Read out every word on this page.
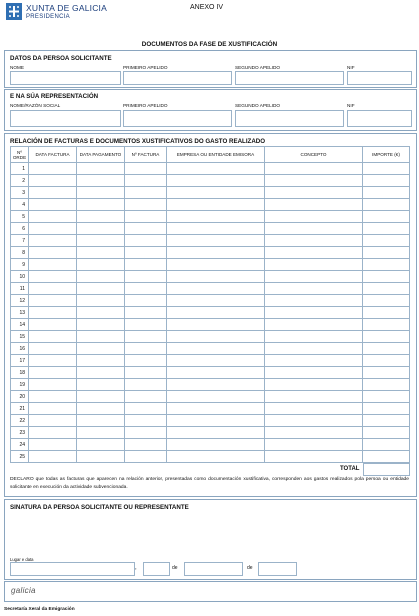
XUNTA DE GALICIA
PRESIDENCIA
ANEXO IV
DOCUMENTOS DA FASE DE XUSTIFICACIÓN
DATOS DA PERSOA SOLICITANTE
NOME	PRIMEIRO APELIDO	SEGUNDO APELIDO	NIF
E NA SÚA REPRESENTACIÓN
NOME/RAZÓN SOCIAL	PRIMEIRO APELIDO	SEGUNDO APELIDO	NIF
RELACIÓN DE FACTURAS E DOCUMENTOS XUSTIFICATIVOS DO GASTO REALIZADO
Nº ORDE	DATA FACTURA	DATA PAGAMENTO	Nº FACTURA	EMPRESA OU ENTIDADE EMISORA	CONCEPTO	IMPORTE (€)
1						
2						
3						
4						
5						
6						
7						
8						
9						
10						
11						
12						
13						
14						
15						
16						
17						
18						
19						
20						
21						
22						
23						
24						
25						
TOTAL
DECLARO que todas as facturas que aparecen na relación anterior, presentadas como documentación xustificativa, corresponden aos gastos realizados pola persoa ou entidade solicitante en execución da actividade subvencionada.
SINATURA DA PERSOA SOLICITANTE OU REPRESENTANTE
Lugar e data
,	de	de
galicia
Secretaría Xeral da Emigración
